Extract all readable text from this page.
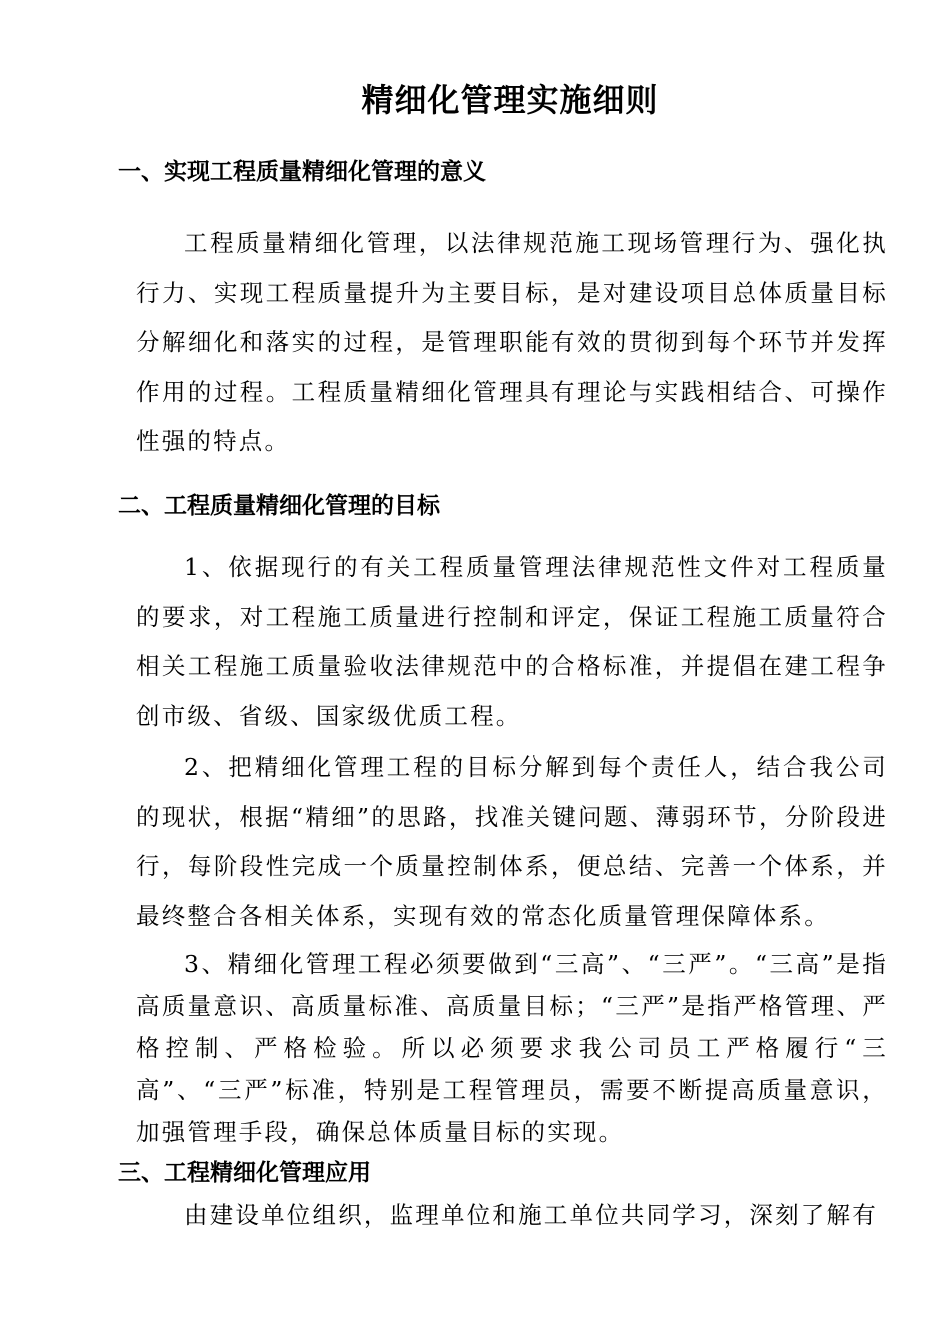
精细化管理实施细则
一、实现工程质量精细化管理的意义

工程质量精细化管理，以法律规范施工现场管理行为、强化执行力、实现工程质量提升为主要目标，是对建设项目总体质量目标分解细化和落实的过程，是管理职能有效的贯彻到每个环节并发挥作用的过程。工程质量精细化管理具有理论与实践相结合、可操作性强的特点。

二、工程质量精细化管理的目标

1、依据现行的有关工程质量管理法律规范性文件对工程质量的要求，对工程施工质量进行控制和评定，保证工程施工质量符合相关工程施工质量验收法律规范中的合格标准，并提倡在建工程争创市级、省级、国家级优质工程。

2、把精细化管理工程的目标分解到每个责任人，结合我公司的现状，根据“精细”的思路，找准关键问题、薄弱环节，分阶段进行，每阶段性完成一个质量控制体系，便总结、完善一个体系，并最终整合各相关体系，实现有效的常态化质量管理保障体系。

3、精细化管理工程必须要做到“三高”、“三严”。“三高”是指高质量意识、高质量标准、高质量目标；“三严”是指严格管理、严格控制、严格检验。所以必须要求我公司员工严格履行“三高”、“三严”标准，特别是工程管理员，需要不断提高质量意识，加强管理手段，确保总体质量目标的实现。

三、工程精细化管理应用

由建设单位组织，监理单位和施工单位共同学习，深刻了解有
